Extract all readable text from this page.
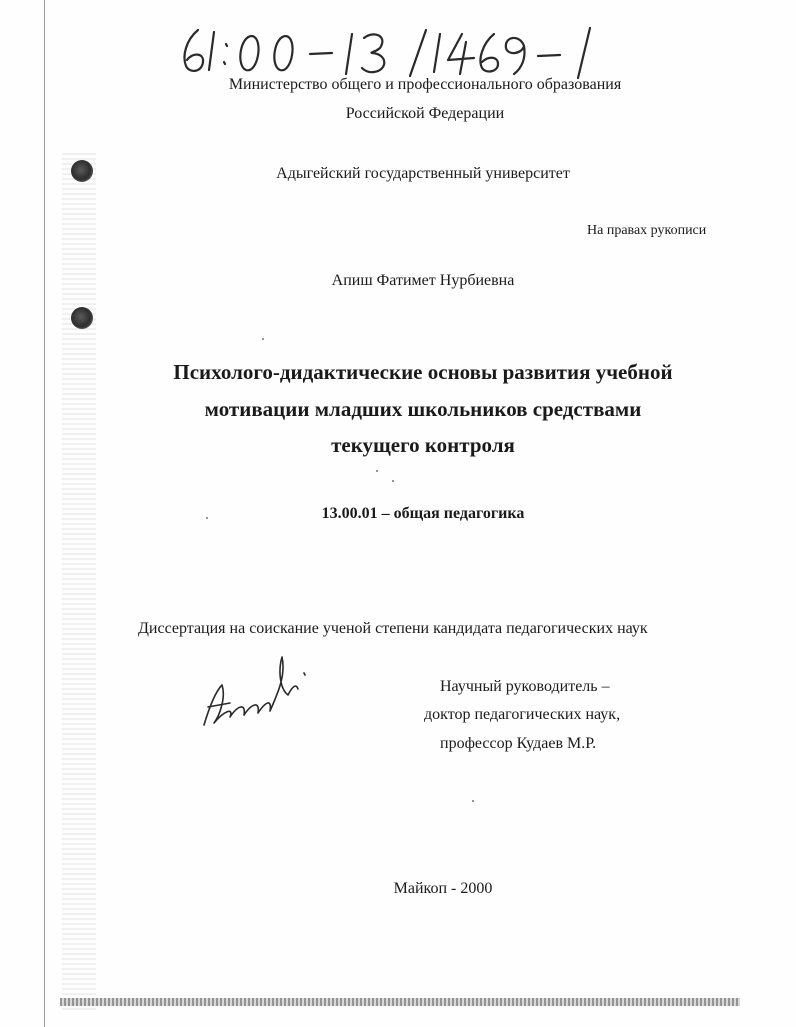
Министерство общего и профессионального образования
Российской Федерации
Адыгейский государственный университет
На правах рукописи
Апиш Фатимет Нурбиевна
Психолого-дидактические основы развития учебной
мотивации младших школьников средствами
текущего контроля
13.00.01 – общая педагогика
Диссертация на соискание ученой степени кандидата педагогических наук
Научный руководитель –
доктор педагогических наук,
профессор Кудаев М.Р.
Майкоп - 2000
